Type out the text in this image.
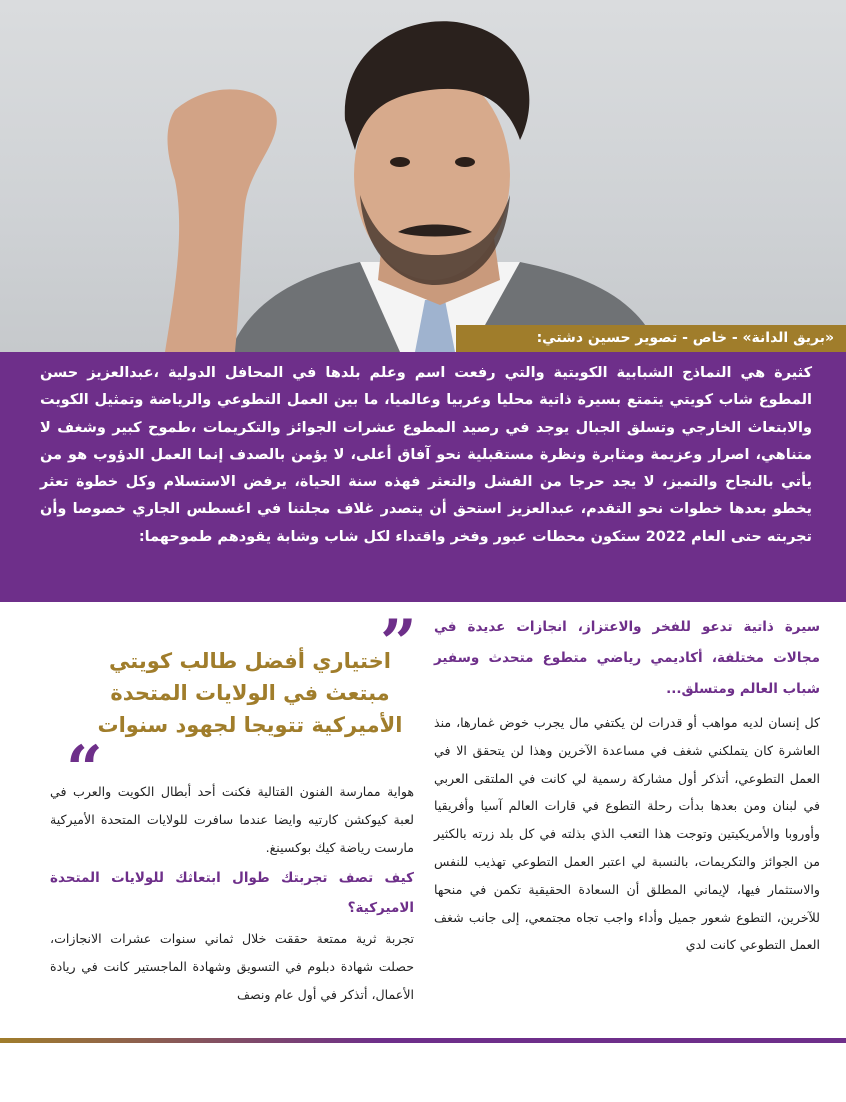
«بريق الدانة» - خاص - تصوير حسين دشتي:
كثيرة هي النماذج الشبابية الكويتية والتي رفعت اسم وعلم بلدها في المحافل الدولية ،عبدالعزيز حسن المطوع شاب كويتي يتمتع بسيرة ذاتية محليا وعربيا وعالميا، ما بين العمل التطوعي والرياضة وتمثيل الكويت والابتعاث الخارجي وتسلق الجبال يوجد في رصيد المطوع عشرات الجوائز والتكريمات ،طموح كبير وشغف لا متناهي، اصرار وعزيمة ومثابرة ونظرة مستقبلية نحو آفاق أعلى، لا يؤمن بالصدف إنما العمل الدؤوب هو من يأتي بالنجاح والتميز، لا يجد حرجا من الفشل والتعثر فهذه سنة الحياة، يرفض الاستسلام وكل خطوة تعثر يخطو بعدها خطوات نحو التقدم، عبدالعزيز استحق أن يتصدر غلاف مجلتنا في اغسطس الجاري خصوصا وأن تجربته حتى العام 2022 ستكون محطات عبور وفخر واقتداء لكل شاب وشابة يقودهم طموحهما:
سيرة ذاتية تدعو للفخر والاعتزاز، انجازات عديدة في مجالات مختلفة، أكاديمي رياضي متطوع متحدث وسفير شباب العالم ومتسلق...
كل إنسان لديه مواهب أو قدرات لن يكتفي مال يجرب خوض غمارها، منذ العاشرة كان يتملكني شغف في مساعدة الآخرين وهذا لن يتحقق الا في العمل التطوعي، أتذكر أول مشاركة رسمية لي كانت في الملتقى العربي في لبنان ومن بعدها بدأت رحلة التطوع في قارات العالم آسيا وأفريقيا وأوروبا والأمريكيتين وتوجت هذا التعب الذي بذلته في كل بلد زرته بالكثير من الجوائز والتكريمات، بالنسبة لي اعتبر العمل التطوعي تهذيب للنفس والاستثمار فيها، لإيماني المطلق أن السعادة الحقيقية تكمن في منحها للآخرين، التطوع شعور جميل وأداء واجب تجاه مجتمعي، إلى جانب شغف العمل التطوعي كانت لدي
”
اختياري أفضل طالب كويتي مبتعث في الولايات المتحدة الأميركية تتويجا لجهود سنوات
“
هواية ممارسة الفنون القتالية فكنت أحد أبطال الكويت والعرب في لعبة كيوكشن كارتيه وايضا عندما سافرت للولايات المتحدة الأميركية مارست رياضة كيك بوكسينغ.
كيف تصف تجربتك طوال ابتعاثك للولايات المتحدة الاميركية؟
تجربة ثرية ممتعة حققت خلال ثماني سنوات عشرات الانجازات، حصلت شهادة دبلوم في التسويق وشهادة الماجستير كانت في ريادة الأعمال، أتذكر في أول عام ونصف
